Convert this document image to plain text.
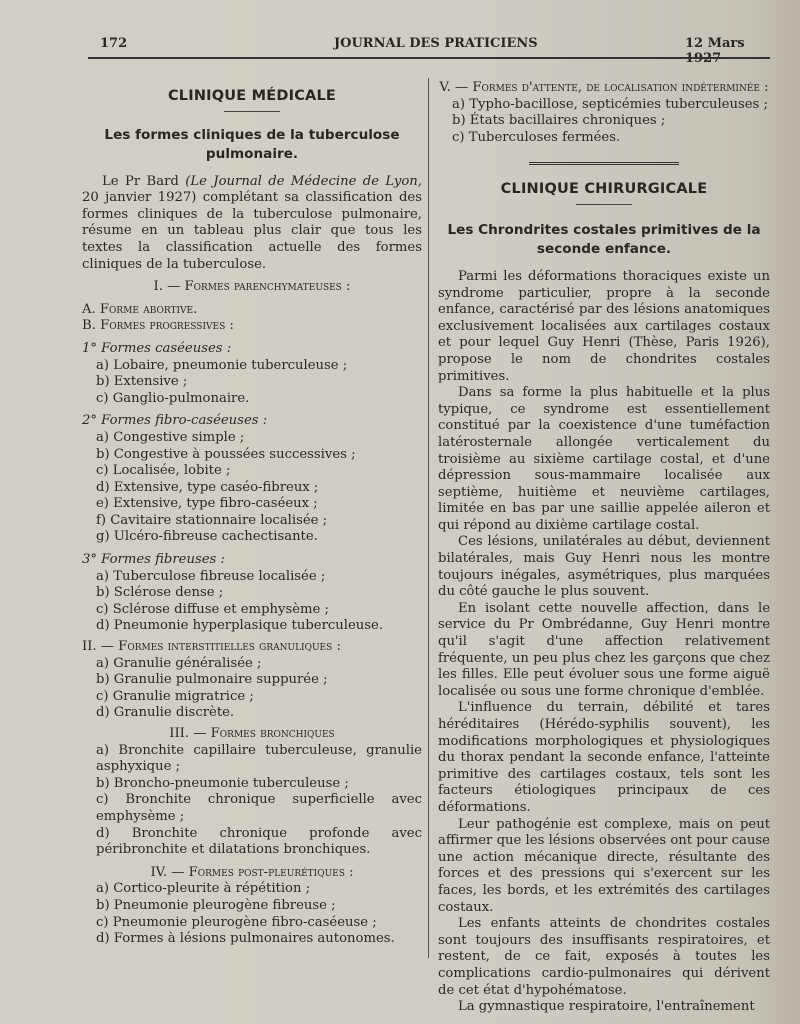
172	JOURNAL DES PRATICIENS	12 Mars 1927
CLINIQUE MÉDICALE
Les formes cliniques de la tuberculose pulmonaire.

Le Pr Bard (Le Journal de Médecine de Lyon, 20 janvier 1927) complétant sa classification des formes cliniques de la tuberculose pulmonaire, résume en un tableau plus clair que tous les textes la classification actuelle des formes cliniques de la tuberculose.

I. — Formes parenchymateuses :

A. Forme abortive.

B. Formes progressives :

1° Formes caséeuses :

a) Lobaire, pneumonie tuberculeuse ;

b) Extensive ;

c) Ganglio-pulmonaire.

2° Formes fibro-caséeuses :

a) Congestive simple ;

b) Congestive à poussées successives ;

c) Localisée, lobite ;

d) Extensive, type caséo-fibreux ;

e) Extensive, type fibro-caséeux ;

f) Cavitaire stationnaire localisée ;

g) Ulcéro-fibreuse cachectisante.

3° Formes fibreuses :

a) Tuberculose fibreuse localisée ;

b) Sclérose dense ;

c) Sclérose diffuse et emphysème ;

d) Pneumonie hyperplasique tuberculeuse.

II. — Formes interstitielles granuliques :

a) Granulie généralisée ;

b) Granulie pulmonaire suppurée ;

c) Granulie migratrice ;

d) Granulie discrète.

III. — Formes bronchiques

a) Bronchite capillaire tuberculeuse, granulie asphyxique ;

b) Broncho-pneumonie tuberculeuse ;

c) Bronchite chronique superficielle avec emphysème ;

d) Bronchite chronique profonde avec péribronchite et dilatations bronchiques.

IV. — Formes post-pleurétiques :

a) Cortico-pleurite à répétition ;

b) Pneumonie pleurogène fibreuse ;

c) Pneumonie pleurogène fibro-caséeuse ;

d) Formes à lésions pulmonaires autonomes.

V. — Formes d'attente, de localisation indéterminée :

a) Typho-bacillose, septicémies tuberculeuses ;

b) États bacillaires chroniques ;

c) Tuberculoses fermées.

CLINIQUE CHIRURGICALE
Les Chrondrites costales primitives de la seconde enfance.

Parmi les déformations thoraciques existe un syndrome particulier, propre à la seconde enfance, caractérisé par des lésions anatomiques exclusivement localisées aux cartilages costaux et pour lequel Guy Henri (Thèse, Paris 1926), propose le nom de chondrites costales primitives.

Dans sa forme la plus habituelle et la plus typique, ce syndrome est essentiellement constitué par la coexistence d'une tuméfaction latérosternale allongée verticalement du troisième au sixième cartilage costal, et d'une dépression sous-mammaire localisée aux septième, huitième et neuvième cartilages, limitée en bas par une saillie appelée aileron et qui répond au dixième cartilage costal.

Ces lésions, unilatérales au début, deviennent bilatérales, mais Guy Henri nous les montre toujours inégales, asymétriques, plus marquées du côté gauche le plus souvent.

En isolant cette nouvelle affection, dans le service du Pr Ombrédanne, Guy Henri montre qu'il s'agit d'une affection relativement fréquente, un peu plus chez les garçons que chez les filles. Elle peut évoluer sous une forme aiguë localisée ou sous une forme chronique d'emblée.

L'influence du terrain, débilité et tares héréditaires (Hérédo-syphilis souvent), les modifications morphologiques et physiologiques du thorax pendant la seconde enfance, l'atteinte primitive des cartilages costaux, tels sont les facteurs étiologiques principaux de ces déformations.

Leur pathogénie est complexe, mais on peut affirmer que les lésions observées ont pour cause une action mécanique directe, résultante des forces et des pressions qui s'exercent sur les faces, les bords, et les extrémités des cartilages costaux.

Les enfants atteints de chondrites costales sont toujours des insuffisants respiratoires, et restent, de ce fait, exposés à toutes les complications cardio-pulmonaires qui dérivent de cet état d'hypohématose.

La gymnastique respiratoire, l'entraînement
